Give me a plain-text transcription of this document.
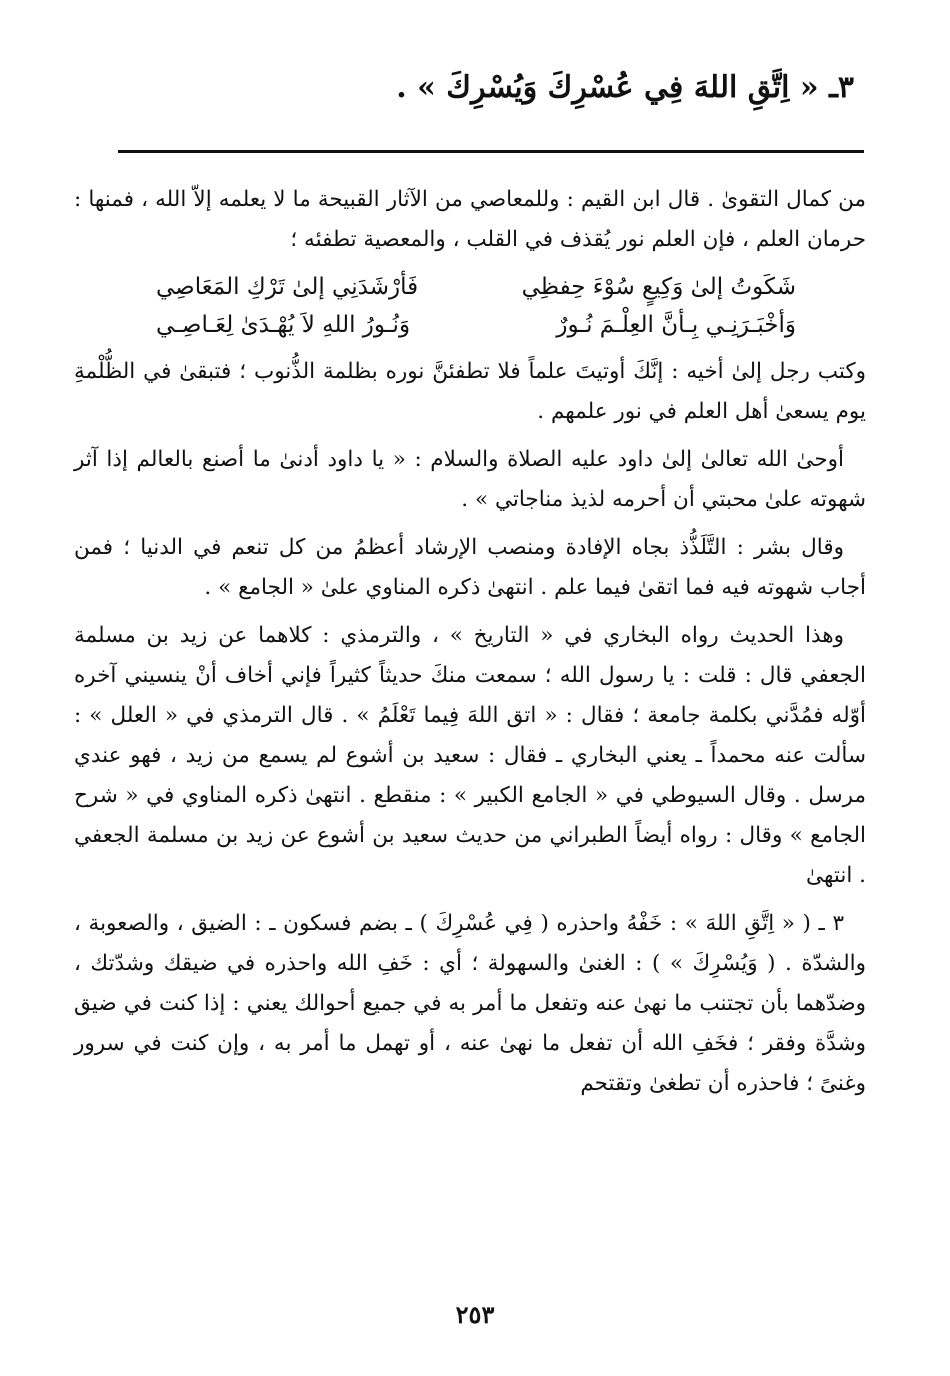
٣ـ « اِتَّقِ اللهَ فِي عُسْرِكَ وَيُسْرِكَ » .

من كمال التقوىٰ . قال ابن القيم : وللمعاصي من الآثار القبيحة ما لا يعلمه إلاّ الله ، فمنها : حرمان العلم ، فإن العلم نور يُقذف في القلب ، والمعصية تطفئه ؛

شَكَوتُ إلىٰ وَكِيعٍ سُوْءَ حِفظِي
فَأرْشَدَنِي إلىٰ تَرْكِ المَعَاصِي
وَأخْبَـرَنِـي بِـأنَّ العِلْـمَ نُـورٌ
وَنُـورُ اللهِ لاَ يُهْـدَىٰ لِعَـاصِـي

وكتب رجل إلىٰ أخيه : إنَّكَ أوتيتَ علماً فلا تطفئنَّ نوره بظلمة الذُّنوب ؛ فتبقىٰ في الظُّلْمةِ يوم يسعىٰ أهل العلم في نور علمهم .

أوحىٰ الله تعالىٰ إلىٰ داود عليه الصلاة والسلام : « يا داود أدنىٰ ما أصنع بالعالم إذا آثر شهوته علىٰ محبتي أن أحرمه لذيذ مناجاتي » .

وقال بشر : التَّلَذُّذ بجاه الإفادة ومنصب الإرشاد أعظمُ من كل تنعم في الدنيا ؛ فمن أجاب شهوته فيه فما اتقىٰ فيما علم . انتهىٰ ذكره المناوي علىٰ « الجامع » .

وهذا الحديث رواه البخاري في « التاريخ » ، والترمذي : كلاهما عن زيد بن مسلمة الجعفي قال : قلت : يا رسول الله ؛ سمعت منكَ حديثاً كثيراً فإني أخاف أنْ ينسيني آخره أوّله فمُدَّني بكلمة جامعة ؛ فقال : « اتق اللهَ فِيما تَعْلَمُ » . قال الترمذي في « العلل » : سألت عنه محمداً ـ يعني البخاري ـ فقال : سعيد بن أشوع لم يسمع من زيد ، فهو عندي مرسل . وقال السيوطي في « الجامع الكبير » : منقطع . انتهىٰ ذكره المناوي في « شرح الجامع » وقال : رواه أيضاً الطبراني من حديث سعيد بن أشوع عن زيد بن مسلمة الجعفي . انتهىٰ

٣ ـ ( « اِتَّقِ اللهَ » : خَفْهُ واحذره ( فِي عُسْرِكَ ) ـ بضم فسكون ـ : الضيق ، والصعوبة ، والشدّة . ( وَيُسْرِكَ » ) : الغنىٰ والسهولة ؛ أي : خَفِ الله واحذره في ضيقك وشدّتك ، وضدّهما بأن تجتنب ما نهىٰ عنه وتفعل ما أمر به في جميع أحوالك يعني : إذا كنت في ضيق وشدَّة وفقر ؛ فخَفِ الله أن تفعل ما نهىٰ عنه ، أو تهمل ما أمر به ، وإن كنت في سرور وغنىً ؛ فاحذره أن تطغىٰ وتقتحم

٢٥٣
